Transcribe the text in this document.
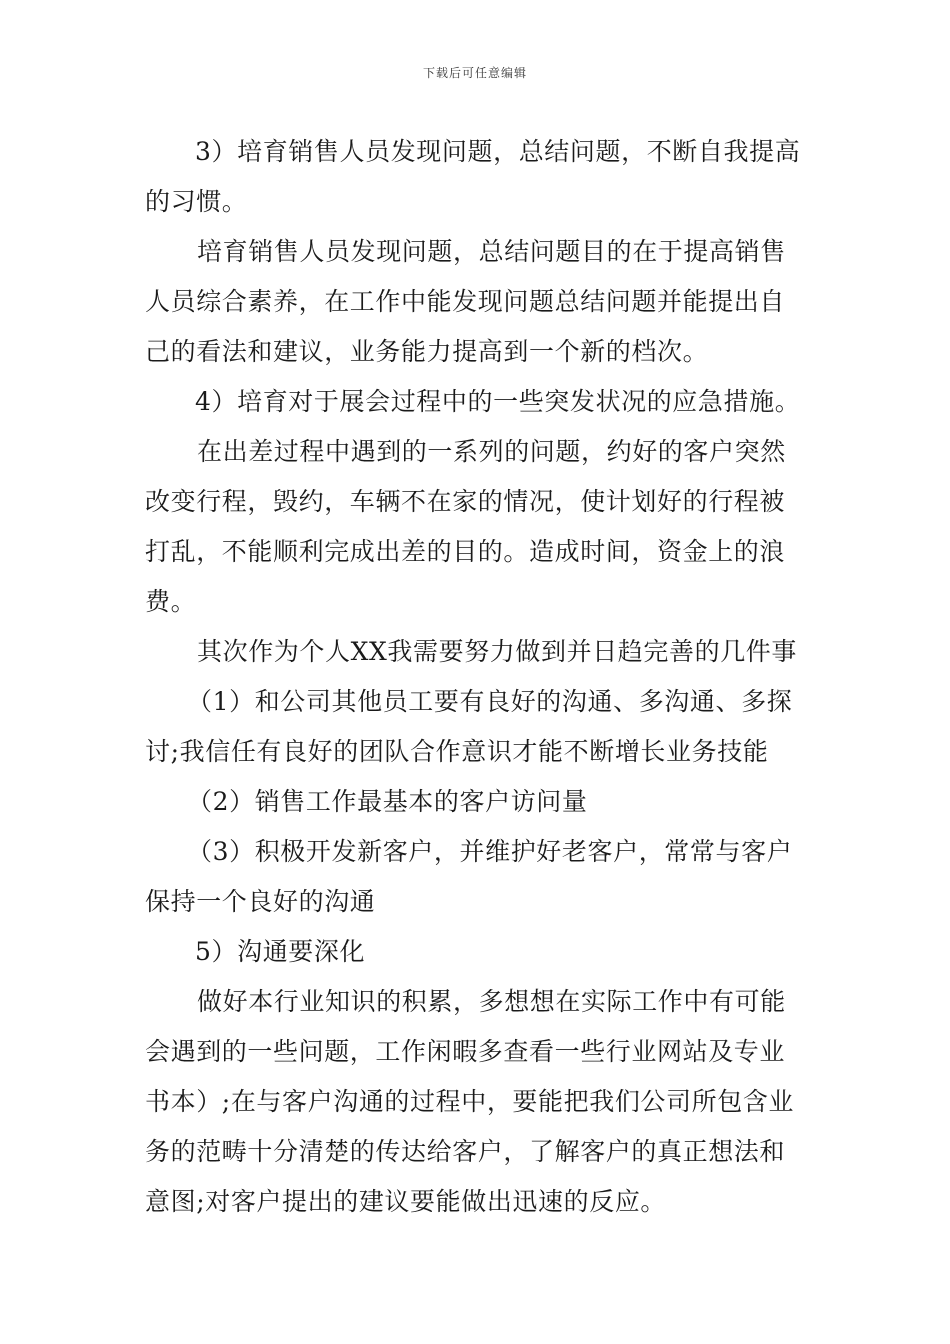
下载后可任意编辑
3）培育销售人员发现问题，总结问题，不断自我提高
的习惯。
培育销售人员发现问题，总结问题目的在于提高销售
人员综合素养，在工作中能发现问题总结问题并能提出自
己的看法和建议，业务能力提高到一个新的档次。
4）培育对于展会过程中的一些突发状况的应急措施。
在出差过程中遇到的一系列的问题，约好的客户突然
改变行程，毁约，车辆不在家的情况，使计划好的行程被
打乱，不能顺利完成出差的目的。造成时间，资金上的浪
费。
其次作为个人XX我需要努力做到并日趋完善的几件事
（1）和公司其他员工要有良好的沟通、多沟通、多探
讨;我信任有良好的团队合作意识才能不断增长业务技能
（2）销售工作最基本的客户访问量
（3）积极开发新客户，并维护好老客户，常常与客户
保持一个良好的沟通
5）沟通要深化
做好本行业知识的积累，多想想在实际工作中有可能
会遇到的一些问题，工作闲暇多查看一些行业网站及专业
书本）;在与客户沟通的过程中，要能把我们公司所包含业
务的范畴十分清楚的传达给客户，了解客户的真正想法和
意图;对客户提出的建议要能做出迅速的反应。
